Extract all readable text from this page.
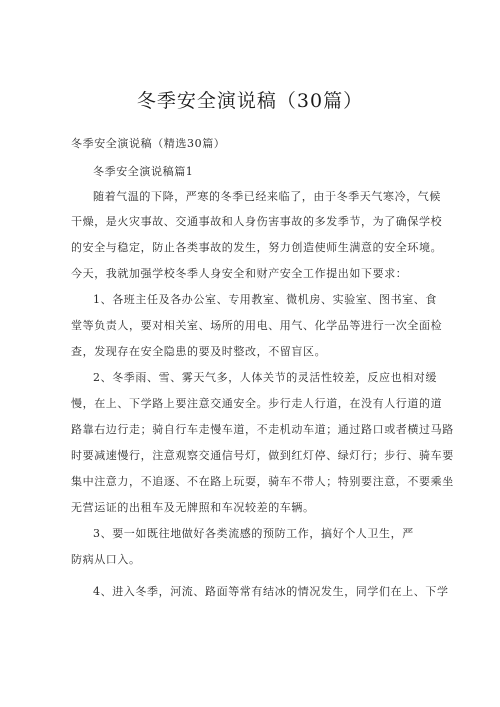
冬季安全演说稿（30篇）
冬季安全演说稿（精选30篇）
冬季安全演说稿篇1
随着气温的下降，严寒的冬季已经来临了，由于冬季天气寒冷，气候
干燥，是火灾事故、交通事故和人身伤害事故的多发季节，为了确保学校
的安全与稳定，防止各类事故的发生，努力创造使师生满意的安全环境。
今天，我就加强学校冬季人身安全和财产安全工作提出如下要求：
1、各班主任及各办公室、专用教室、微机房、实验室、图书室、食
堂等负责人，要对相关室、场所的用电、用气、化学品等进行一次全面检
查，发现存在安全隐患的要及时整改，不留盲区。
2、冬季雨、雪、雾天气多，人体关节的灵活性较差，反应也相对缓
慢，在上、下学路上要注意交通安全。步行走人行道，在没有人行道的道
路靠右边行走；骑自行车走慢车道，不走机动车道；通过路口或者横过马路
时要减速慢行，注意观察交通信号灯，做到红灯停、绿灯行；步行、骑车要
集中注意力，不追逐、不在路上玩耍，骑车不带人；特别要注意，不要乘坐
无营运证的出租车及无牌照和车况较差的车辆。
3、要一如既往地做好各类流感的预防工作，搞好个人卫生，严
防病从口入。
4、进入冬季，河流、路面等常有结冰的情况发生，同学们在上、下学
